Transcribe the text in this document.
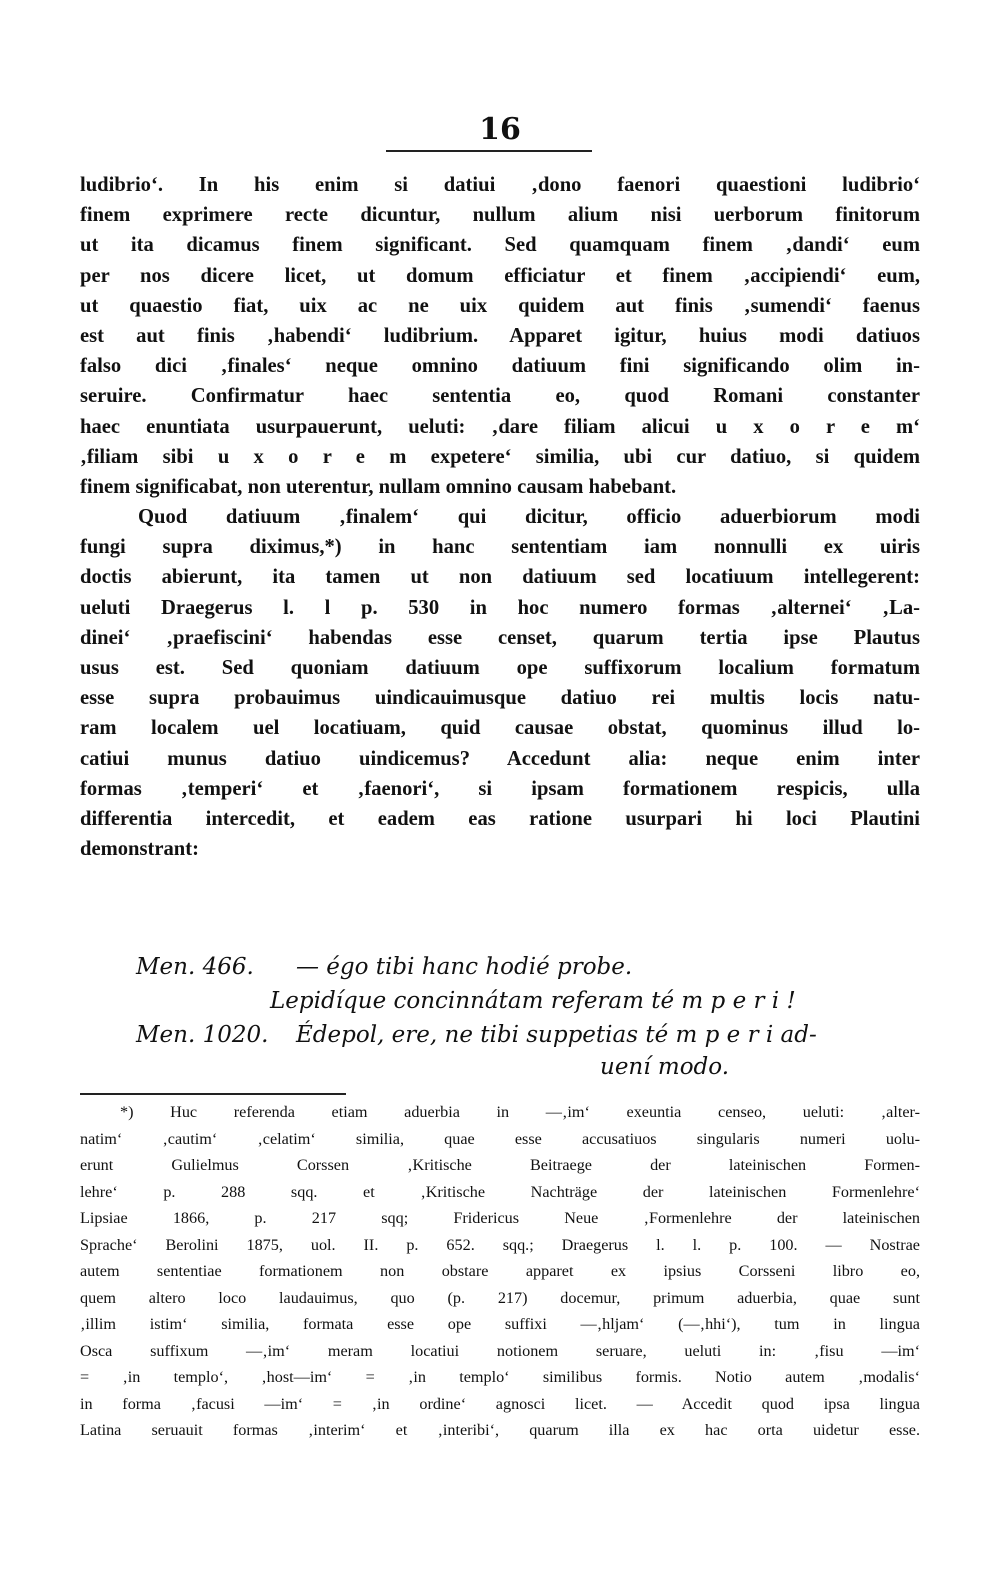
16
ludibrio‘. In his enim si datiui ‚dono faenori quaestioni ludibrio‘
finem exprimere recte dicuntur, nullum alium nisi uerborum finitorum
ut ita dicamus finem significant. Sed quamquam finem ‚dandi‘ eum
per nos dicere licet, ut domum efficiatur et finem ‚accipiendi‘ eum,
ut quaestio fiat, uix ac ne uix quidem aut finis ‚sumendi‘ faenus
est aut finis ‚habendi‘ ludibrium. Apparet igitur, huius modi datiuos
falso dici ‚finales‘ neque omnino datiuum fini significando olim in-
seruire. Confirmatur haec sententia eo, quod Romani constanter
haec enuntiata usurpauerunt, ueluti: ‚dare filiam alicui u x o r e m‘
‚filiam sibi u x o r e m expetere‘ similia, ubi cur datiuo, si quidem
finem significabat, non uterentur, nullam omnino causam habebant.
Quod datiuum ‚finalem‘ qui dicitur, officio aduerbiorum modi
fungi supra diximus,*) in hanc sententiam iam nonnulli ex uiris
doctis abierunt, ita tamen ut non datiuum sed locatiuum intellegerent:
ueluti Draegerus l. l p. 530 in hoc numero formas ‚alternei‘ ‚La-
dinei‘ ‚praefiscini‘ habendas esse censet, quarum tertia ipse Plautus
usus est. Sed quoniam datiuum ope suffixorum localium formatum
esse supra probauimus uindicauimusque datiuo rei multis locis natu-
ram localem uel locatiuam, quid causae obstat, quominus illud lo-
catiui munus datiuo uindicemus? Accedunt alia: neque enim inter
formas ‚temperi‘ et ‚faenori‘, si ipsam formationem respicis, ulla
differentia intercedit, et eadem eas ratione usurpari hi loci Plautini
demonstrant:
Men. 466. — égo tibi hanc hodié probe.
Lepidíque concinnátam referam té m p e r i !
Men. 1020. Édepol, ere, ne tibi suppetias té m p e r i ad-
uení modo.
*) Huc referenda etiam aduerbia in —‚im‘ exeuntia censeo, ueluti: ‚alter-
natim‘ ‚cautim‘ ‚celatim‘ similia, quae esse accusatiuos singularis numeri uolu-
erunt Gulielmus Corssen ‚Kritische Beitraege der lateinischen Formen-
lehre‘ p. 288 sqq. et ‚Kritische Nachträge der lateinischen Formenlehre‘
Lipsiae 1866, p. 217 sqq; Fridericus Neue ‚Formenlehre der lateinischen
Sprache‘ Berolini 1875, uol. II. p. 652. sqq.; Draegerus l. l. p. 100. — Nostrae
autem sententiae formationem non obstare apparet ex ipsius Corsseni libro eo,
quem altero loco laudauimus, quo (p. 217) docemur, primum aduerbia, quae sunt
‚illim istim‘ similia, formata esse ope suffixi —‚hljam‘ (—‚hhi‘), tum in lingua
Osca suffixum —‚im‘ meram locatiui notionem seruare, ueluti in: ‚fisu —im‘
= ‚in templo‘, ‚host—im‘ = ‚in templo‘ similibus formis. Notio autem ‚modalis‘
in forma ‚facusi —im‘ = ‚in ordine‘ agnosci licet. — Accedit quod ipsa lingua
Latina seruauit formas ‚interim‘ et ‚interibi‘, quarum illa ex hac orta uidetur esse.
